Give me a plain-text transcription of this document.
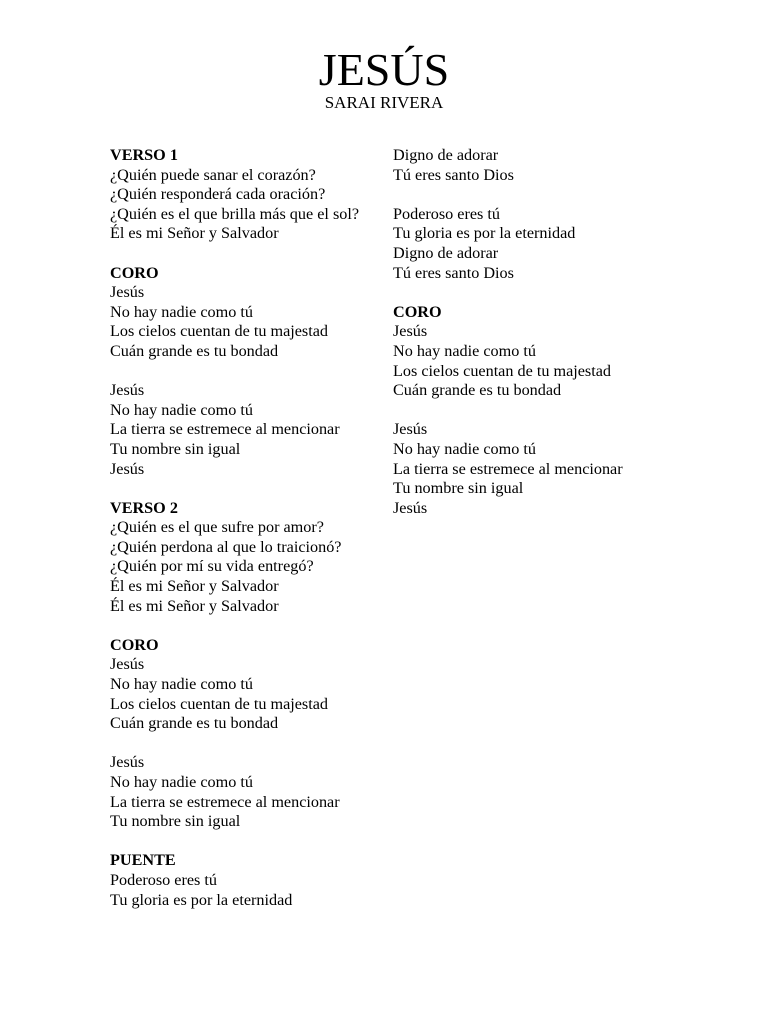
JESÚS
SARAI RIVERA
VERSO 1
¿Quién puede sanar el corazón?
¿Quién responderá cada oración?
¿Quién es el que brilla más que el sol?
Él es mi Señor y Salvador
CORO
Jesús
No hay nadie como tú
Los cielos cuentan de tu majestad
Cuán grande es tu bondad
Jesús
No hay nadie como tú
La tierra se estremece al mencionar
Tu nombre sin igual
Jesús
VERSO 2
¿Quién es el que sufre por amor?
¿Quién perdona al que lo traicionó?
¿Quién por mí su vida entregó?
Él es mi Señor y Salvador
Él es mi Señor y Salvador
CORO
Jesús
No hay nadie como tú
Los cielos cuentan de tu majestad
Cuán grande es tu bondad
Jesús
No hay nadie como tú
La tierra se estremece al mencionar
Tu nombre sin igual
PUENTE
Poderoso eres tú
Tu gloria es por la eternidad
Digno de adorar
Tú eres santo Dios
Poderoso eres tú
Tu gloria es por la eternidad
Digno de adorar
Tú eres santo Dios
CORO
Jesús
No hay nadie como tú
Los cielos cuentan de tu majestad
Cuán grande es tu bondad
Jesús
No hay nadie como tú
La tierra se estremece al mencionar
Tu nombre sin igual
Jesús
